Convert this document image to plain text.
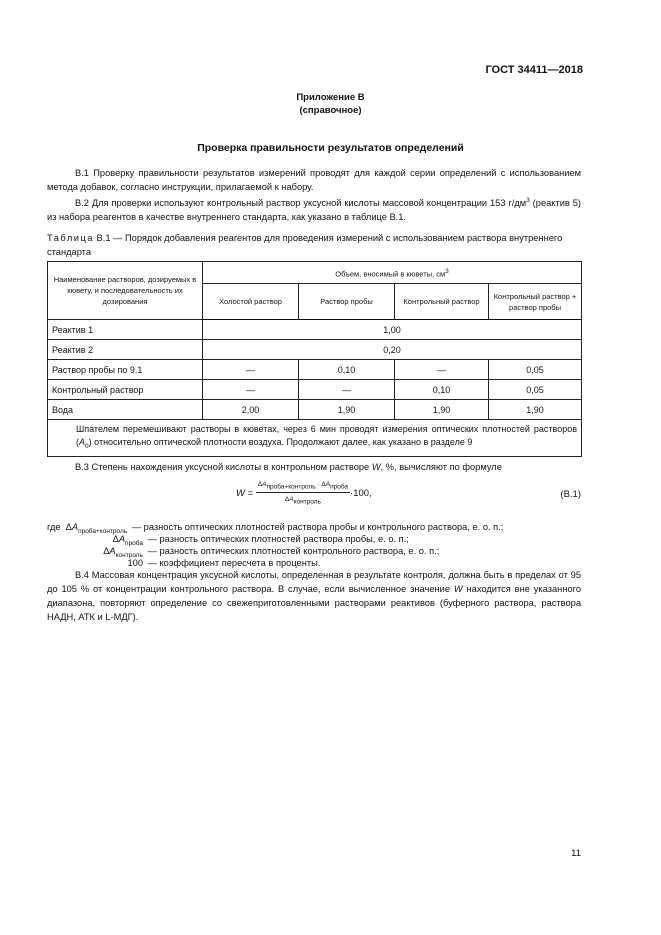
ГОСТ 34411—2018
Приложение В
(справочное)
Проверка правильности результатов определений
В.1 Проверку правильности результатов измерений проводят для каждой серии определений с использованием метода добавок, согласно инструкции, прилагаемой к набору.
В.2 Для проверки используют контрольный раствор уксусной кислоты массовой концентрации 153 $г/дм^3$ (реактив 5) из набора реагентов в качестве внутреннего стандарта, как указано в таблице В.1.
Таблица В.1 — Порядок добавления реагентов для проведения измерений с использованием раствора внутреннего стандарта
Наименование растворов, дозируемых в кювету, и последовательность их дозирования	Объем, вносимый в кюветы, $см^3$
	Холостой раствор	Раствор пробы	Контрольный раствор	Контрольный раствор + раствор пробы
Реактив 1	1,00			
Реактив 2	0,20			
Раствор пробы по 9.1	—	0,10	—	0,05
Контрольный раствор	—	—	0,10	0,05
Вода	2,00	1,90	1,90	1,90
Шпателем перемешивают растворы в кюветах, через 6 мин проводят измерения оптических плотностей растворов $(A_0)$ относительно оптической плотности воздуха. Продолжают далее, как указано в разделе 9				
В.3 Степень нахождения уксусной кислоты в контрольном растворе W, %, вычисляют по формуле
$W = \frac{\Delta A_{проба+контроль} \cdot \Delta A_{проба}}{\Delta A_{контроль}} \cdot 100$,	(В.1)
где $\Delta A_{проба+контроль}$ — разность оптических плотностей раствора пробы и контрольного раствора, е. о. п.;
$\Delta A_{проба}$ — разность оптических плотностей раствора пробы, е. о. п.;
$\Delta A_{контроль}$ — разность оптических плотностей контрольного раствора, е. о. п.;
100 — коэффициент пересчета в проценты.
В.4 Массовая концентрация уксусной кислоты, определенная в результате контроля, должна быть в пределах от 95 до 105 % от концентрации контрольного раствора. В случае, если вычисленное значение W находится вне указанного диапазона, повторяют определение со свежеприготовленными растворами реактивов (буферного раствора, раствора НАДН, АТК и L-МДГ).
11
